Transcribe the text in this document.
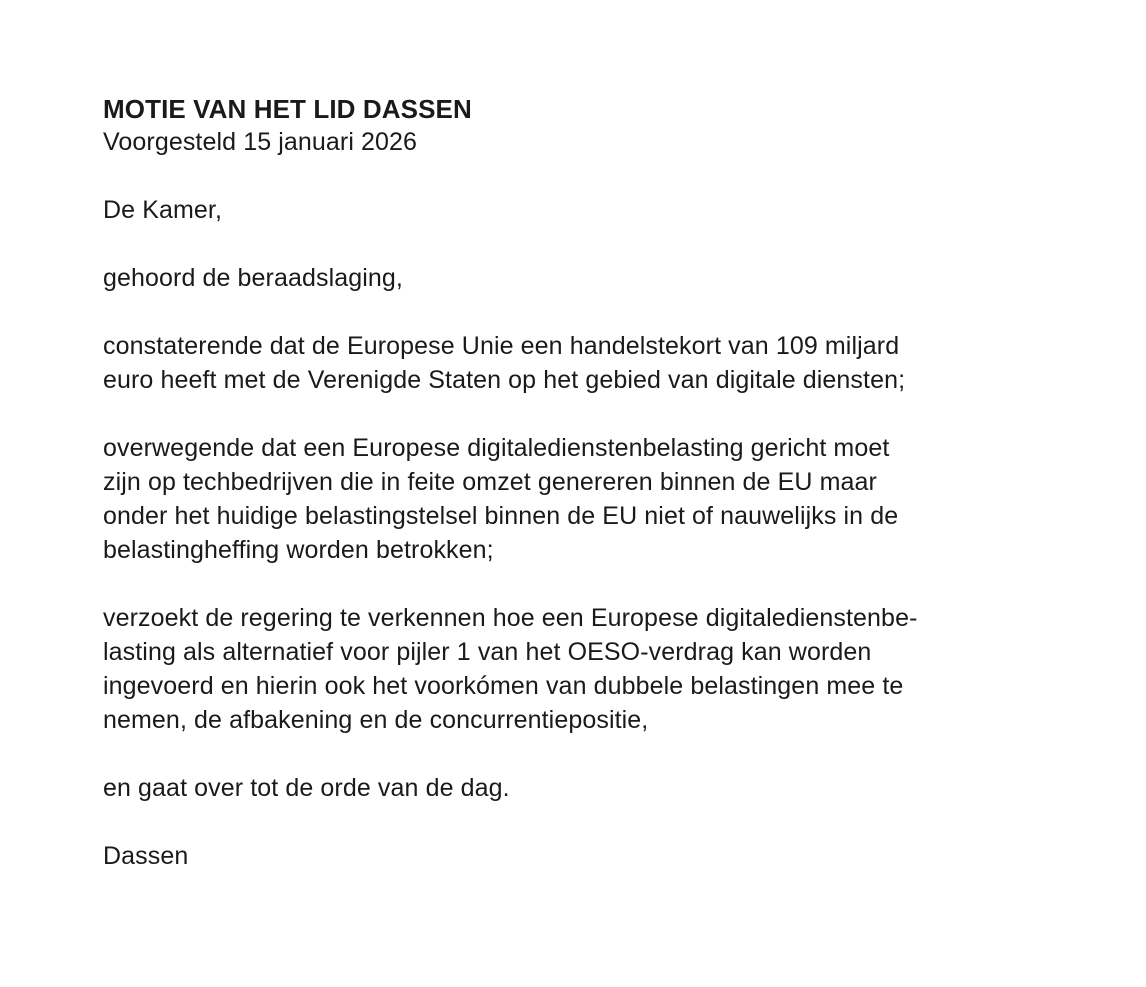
MOTIE VAN HET LID DASSEN

Voorgesteld 15 januari 2026

De Kamer,

gehoord de beraadslaging,

constaterende dat de Europese Unie een handelstekort van 109 miljard
euro heeft met de Verenigde Staten op het gebied van digitale diensten;

overwegende dat een Europese digitaledienstenbelasting gericht moet
zijn op techbedrijven die in feite omzet genereren binnen de EU maar
onder het huidige belastingstelsel binnen de EU niet of nauwelijks in de
belastingheffing worden betrokken;

verzoekt de regering te verkennen hoe een Europese digitaledienstenbe-
lasting als alternatief voor pijler 1 van het OESO-verdrag kan worden
ingevoerd en hierin ook het voorkómen van dubbele belastingen mee te
nemen, de afbakening en de concurrentiepositie,

en gaat over tot de orde van de dag.

Dassen
